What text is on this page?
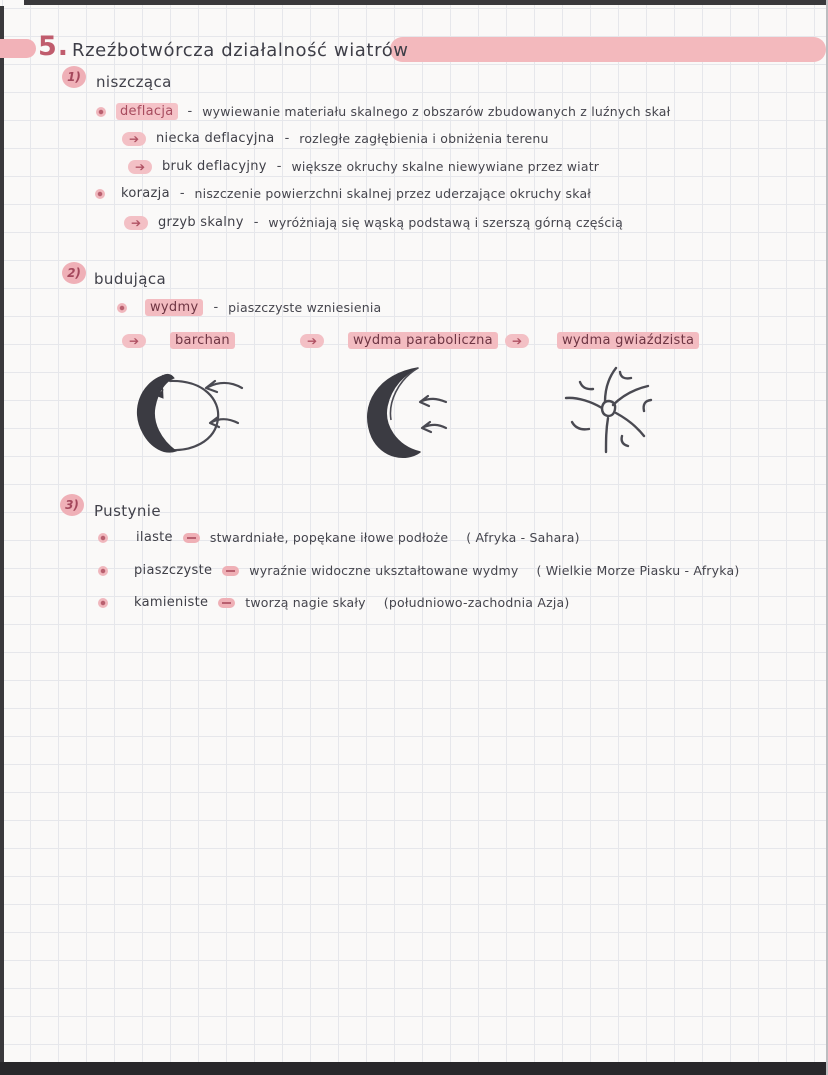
5. Rzeźbotwórcza działalność wiatrów
1)	niszcząca
deflacja	- wywiewanie materiału skalnego z obszarów zbudowanych z luźnych skał
➔	niecka deflacyjna - rozległe zagłębienia i obniżenia terenu
➔	bruk deflacyjny - większe okruchy skalne niewywiane przez wiatr
korazja - niszczenie powierzchni skalnej przez uderzające okruchy skał
➔	grzyb skalny - wyróżniają się wąską podstawą i szerszą górną częścią
2) budująca
wydmy	- piaszczyste wzniesienia
➔	barchan	➔	wydma paraboliczna	➔	wydma gwiaździsta
3)	Pustynie
ilaste	stwardniałe, popękane iłowe podłoże ( Afryka - Sahara)
piaszczyste	wyraźnie widoczne ukształtowane wydmy ( Wielkie Morze Piasku - Afryka)
kamieniste	tworzą nagie skały (południowo-zachodnia Azja)
